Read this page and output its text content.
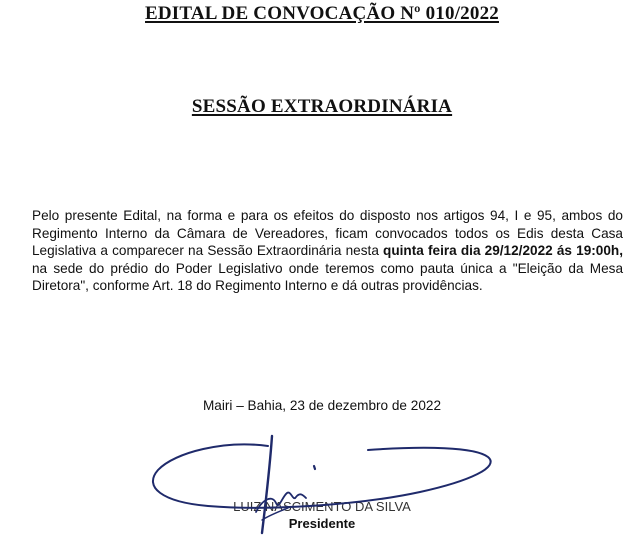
EDITAL DE CONVOCAÇÃO Nº 010/2022
SESSÃO EXTRAORDINÁRIA

Pelo presente Edital, na forma e para os efeitos do disposto nos artigos 94, I e 95, ambos do Regimento Interno da Câmara de Vereadores, ficam convocados todos os Edis desta Casa Legislativa a comparecer na Sessão Extraordinária nesta quinta feira dia 29/12/2022 ás 19:00h, na sede do prédio do Poder Legislativo onde teremos como pauta única a "Eleição da Mesa Diretora", conforme Art. 18 do Regimento Interno e dá outras providências.

Mairi – Bahia, 23 de dezembro de 2022
LUIZ NASCIMENTO DA SILVA
Presidente
